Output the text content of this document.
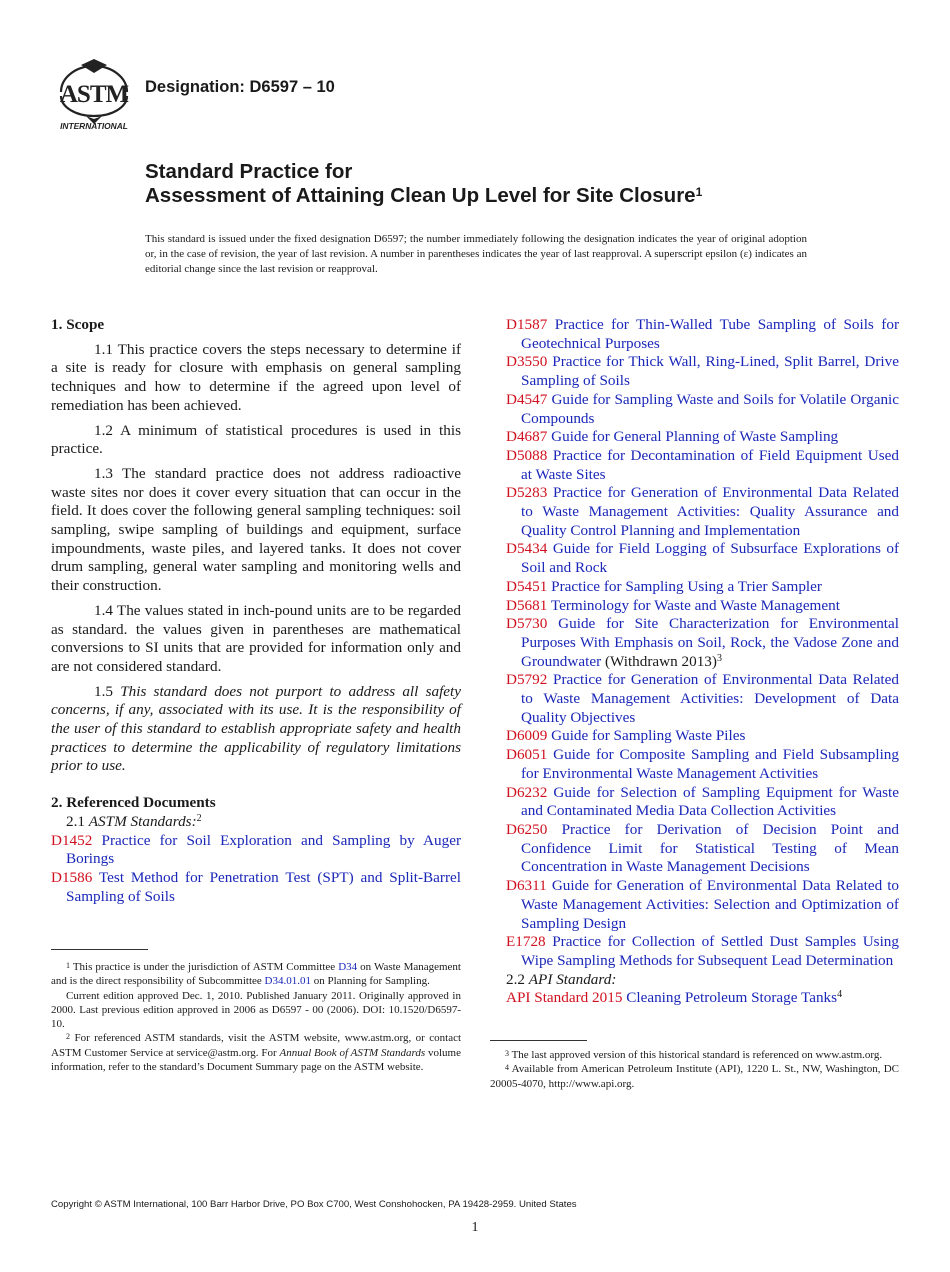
ASTM
INTERNATIONAL
Designation: D6597 – 10
Standard Practice for
Assessment of Attaining Clean Up Level for Site Closure$^1$
This standard is issued under the fixed designation D6597; the number immediately following the designation indicates the year of original adoption or, in the case of revision, the year of last revision. A number in parentheses indicates the year of last reapproval. A superscript epsilon (ε) indicates an editorial change since the last revision or reapproval.

1. Scope

1.1 This practice covers the steps necessary to determine if a site is ready for closure with emphasis on general sampling techniques and how to determine if the agreed upon level of remediation has been achieved.

1.2 A minimum of statistical procedures is used in this practice.

1.3 The standard practice does not address radioactive waste sites nor does it cover every situation that can occur in the field. It does cover the following general sampling techniques: soil sampling, swipe sampling of buildings and equipment, surface impoundments, waste piles, and layered tanks. It does not cover drum sampling, general water sampling and monitoring wells and their construction.

1.4 The values stated in inch-pound units are to be regarded as standard. the values given in parentheses are mathematical conversions to SI units that are provided for information only and are not considered standard.

1.5 This standard does not purport to address all safety concerns, if any, associated with its use. It is the responsibility of the user of this standard to establish appropriate safety and health practices to determine the applicability of regulatory limitations prior to use.

2. Referenced Documents

2.1 ASTM Standards:$^2$

D1452 Practice for Soil Exploration and Sampling by Auger Borings

D1586 Test Method for Penetration Test (SPT) and Split-Barrel Sampling of Soils

$^1$ This practice is under the jurisdiction of ASTM Committee D34 on Waste Management and is the direct responsibility of Subcommittee D34.01.01 on Planning for Sampling.

Current edition approved Dec. 1, 2010. Published January 2011. Originally approved in 2000. Last previous edition approved in 2006 as D6597 - 00 (2006). DOI: 10.1520/D6597-10.

$^2$ For referenced ASTM standards, visit the ASTM website, www.astm.org, or contact ASTM Customer Service at service@astm.org. For Annual Book of ASTM Standards volume information, refer to the standard’s Document Summary page on the ASTM website.

D1587 Practice for Thin-Walled Tube Sampling of Soils for Geotechnical Purposes

D3550 Practice for Thick Wall, Ring-Lined, Split Barrel, Drive Sampling of Soils

D4547 Guide for Sampling Waste and Soils for Volatile Organic Compounds

D4687 Guide for General Planning of Waste Sampling

D5088 Practice for Decontamination of Field Equipment Used at Waste Sites

D5283 Practice for Generation of Environmental Data Related to Waste Management Activities: Quality Assurance and Quality Control Planning and Implementation

D5434 Guide for Field Logging of Subsurface Explorations of Soil and Rock

D5451 Practice for Sampling Using a Trier Sampler

D5681 Terminology for Waste and Waste Management

D5730 Guide for Site Characterization for Environmental Purposes With Emphasis on Soil, Rock, the Vadose Zone and Groundwater (Withdrawn 2013)$^3$

D5792 Practice for Generation of Environmental Data Related to Waste Management Activities: Development of Data Quality Objectives

D6009 Guide for Sampling Waste Piles

D6051 Guide for Composite Sampling and Field Subsampling for Environmental Waste Management Activities

D6232 Guide for Selection of Sampling Equipment for Waste and Contaminated Media Data Collection Activities

D6250 Practice for Derivation of Decision Point and Confidence Limit for Statistical Testing of Mean Concentration in Waste Management Decisions

D6311 Guide for Generation of Environmental Data Related to Waste Management Activities: Selection and Optimization of Sampling Design

E1728 Practice for Collection of Settled Dust Samples Using Wipe Sampling Methods for Subsequent Lead Determination

2.2 API Standard:

API Standard 2015 Cleaning Petroleum Storage Tanks$^4$

$^3$ The last approved version of this historical standard is referenced on www.astm.org.

$^4$ Available from American Petroleum Institute (API), 1220 L. St., NW, Washington, DC 20005-4070, http://www.api.org.

Copyright © ASTM International, 100 Barr Harbor Drive, PO Box C700, West Conshohocken, PA 19428-2959. United States
1
